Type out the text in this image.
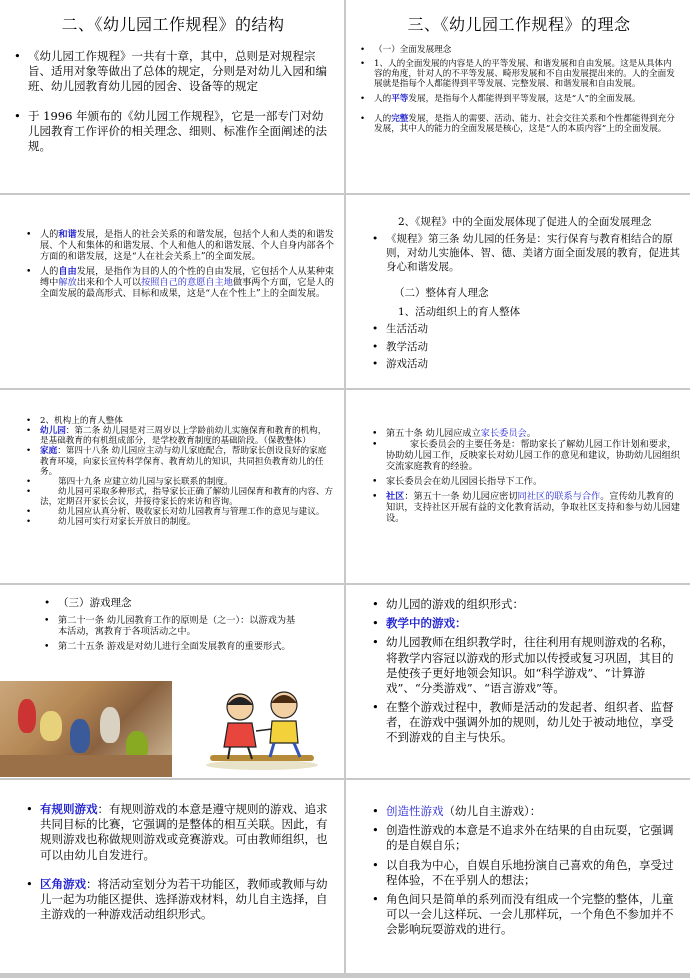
二、《幼儿园工作规程》的结构
• 《幼儿园工作规程》一共有十章，其中，总则是对规程宗旨、适用对象等做出了总体的规定，分则是对幼儿入园和编班、幼儿园教育幼儿园的园舍、设备等的规定
• 于 1996 年颁布的《幼儿园工作规程》，它是一部专门对幼儿园教育工作评价的相关理念、细则、标准作全面阐述的法规。
三、《幼儿园工作规程》的理念
• （一）全面发展理念
• 1、人的全面发展的内容是人的平等发展、和谐发展和自由发展。这是从具体内容的角度，针对人的不平等发展、畸形发展和不自由发展提出来的。人的全面发展就是指每个人都能得到平等发展、完整发展、和谐发展和自由发展。
• 人的平等发展，是指每个人都能得到平等发展，这是“人”的全面发展。
• 人的完整发展，是指人的需要、活动、能力、社会交往关系和个性都能得到充分发展，其中人的能力的全面发展是核心，这是“人的本质内容”上的全面发展。
• 人的和谐发展，是指人的社会关系的和谐发展，包括个人和人类的和谐发展、个人和集体的和谐发展、个人和他人的和谐发展、个人自身内部各个方面的和谐发展，这是“人在社会关系上”的全面发展。
• 人的自由发展，是指作为目的人的个性的自由发展，它包括个人从某种束缚中解放出来和个人可以按照自己的意愿自主地做事两个方面，它是人的全面发展的最高形式、目标和成果，这是“人在个性上”上的全面发展。
2、《规程》中的全面发展体现了促进人的全面发展理念
• 《规程》第三条 幼儿园的任务是：实行保育与教育相结合的原则，对幼儿实施体、智、德、美诸方面全面发展的教育，促进其身心和谐发展。
（二）整体育人理念
1、活动组织上的育人整体
• 生活活动
• 教学活动
• 游戏活动
• 2、机构上的育人整体
• 幼儿园：第二条 幼儿园是对三周岁以上学龄前幼儿实施保育和教育的机构，是基础教育的有机组成部分，是学校教育制度的基础阶段。（保教整体）
• 家庭：第四十八条 幼儿园应主动与幼儿家庭配合，帮助家长创设良好的家庭教育环境，向家长宣传科学保育、教育幼儿的知识，共同担负教育幼儿的任务。
•	第四十九条 应建立幼儿园与家长联系的制度。
•	幼儿园可采取多种形式，指导家长正确了解幼儿园保育和教育的内容、方法，定期召开家长会议，并接待家长的来访和咨询。
•	幼儿园应认真分析、吸收家长对幼儿园教育与管理工作的意见与建议。
•	幼儿园可实行对家长开放日的制度。
• 第五十条 幼儿园应成立家长委员会。
•	家长委员会的主要任务是：帮助家长了解幼儿园工作计划和要求，协助幼儿园工作，反映家长对幼儿园工作的意见和建议，协助幼儿园组织交流家庭教育的经验。
• 家长委员会在幼儿园园长指导下工作。
• 社区：第五十一条 幼儿园应密切同社区的联系与合作。宣传幼儿教育的知识，支持社区开展有益的文化教育活动，争取社区支持和参与幼儿园建设。
• （三）游戏理念
• 第二十一条 幼儿园教育工作的原则是（之一）：以游戏为基本活动，寓教育于各项活动之中。
• 第二十五条 游戏是对幼儿进行全面发展教育的重要形式。
• 幼儿园的游戏的组织形式：
• 教学中的游戏：
• 幼儿园教师在组织教学时，往往利用有规则游戏的名称，将教学内容冠以游戏的形式加以传授或复习巩固，其目的是使孩子更好地领会知识。如“科学游戏”、“计算游戏”、“分类游戏”、“语言游戏”等。
• 在整个游戏过程中，教师是活动的发起者、组织者、监督者，在游戏中强调外加的规则，幼儿处于被动地位，享受不到游戏的自主与快乐。
• 有规则游戏：有规则游戏的本意是遵守规则的游戏、追求共同目标的比赛，它强调的是整体的相互关联。因此，有规则游戏也称做规则游戏或竞赛游戏。可由教师组织，也可以由幼儿自发进行。
• 区角游戏：将活动室划分为若干功能区，教师或教师与幼儿一起为功能区提供、选择游戏材料，幼儿自主选择，自主游戏的一种游戏活动组织形式。
• 创造性游戏（幼儿自主游戏）：
• 创造性游戏的本意是不追求外在结果的自由玩耍，它强调的是自娱自乐；
• 以自我为中心，自娱自乐地扮演自己喜欢的角色，享受过程体验，不在乎别人的想法；
• 角色间只是简单的系列而没有组成一个完整的整体，儿童可以一会儿这样玩、一会儿那样玩，一个角色不参加并不会影响玩耍游戏的进行。
